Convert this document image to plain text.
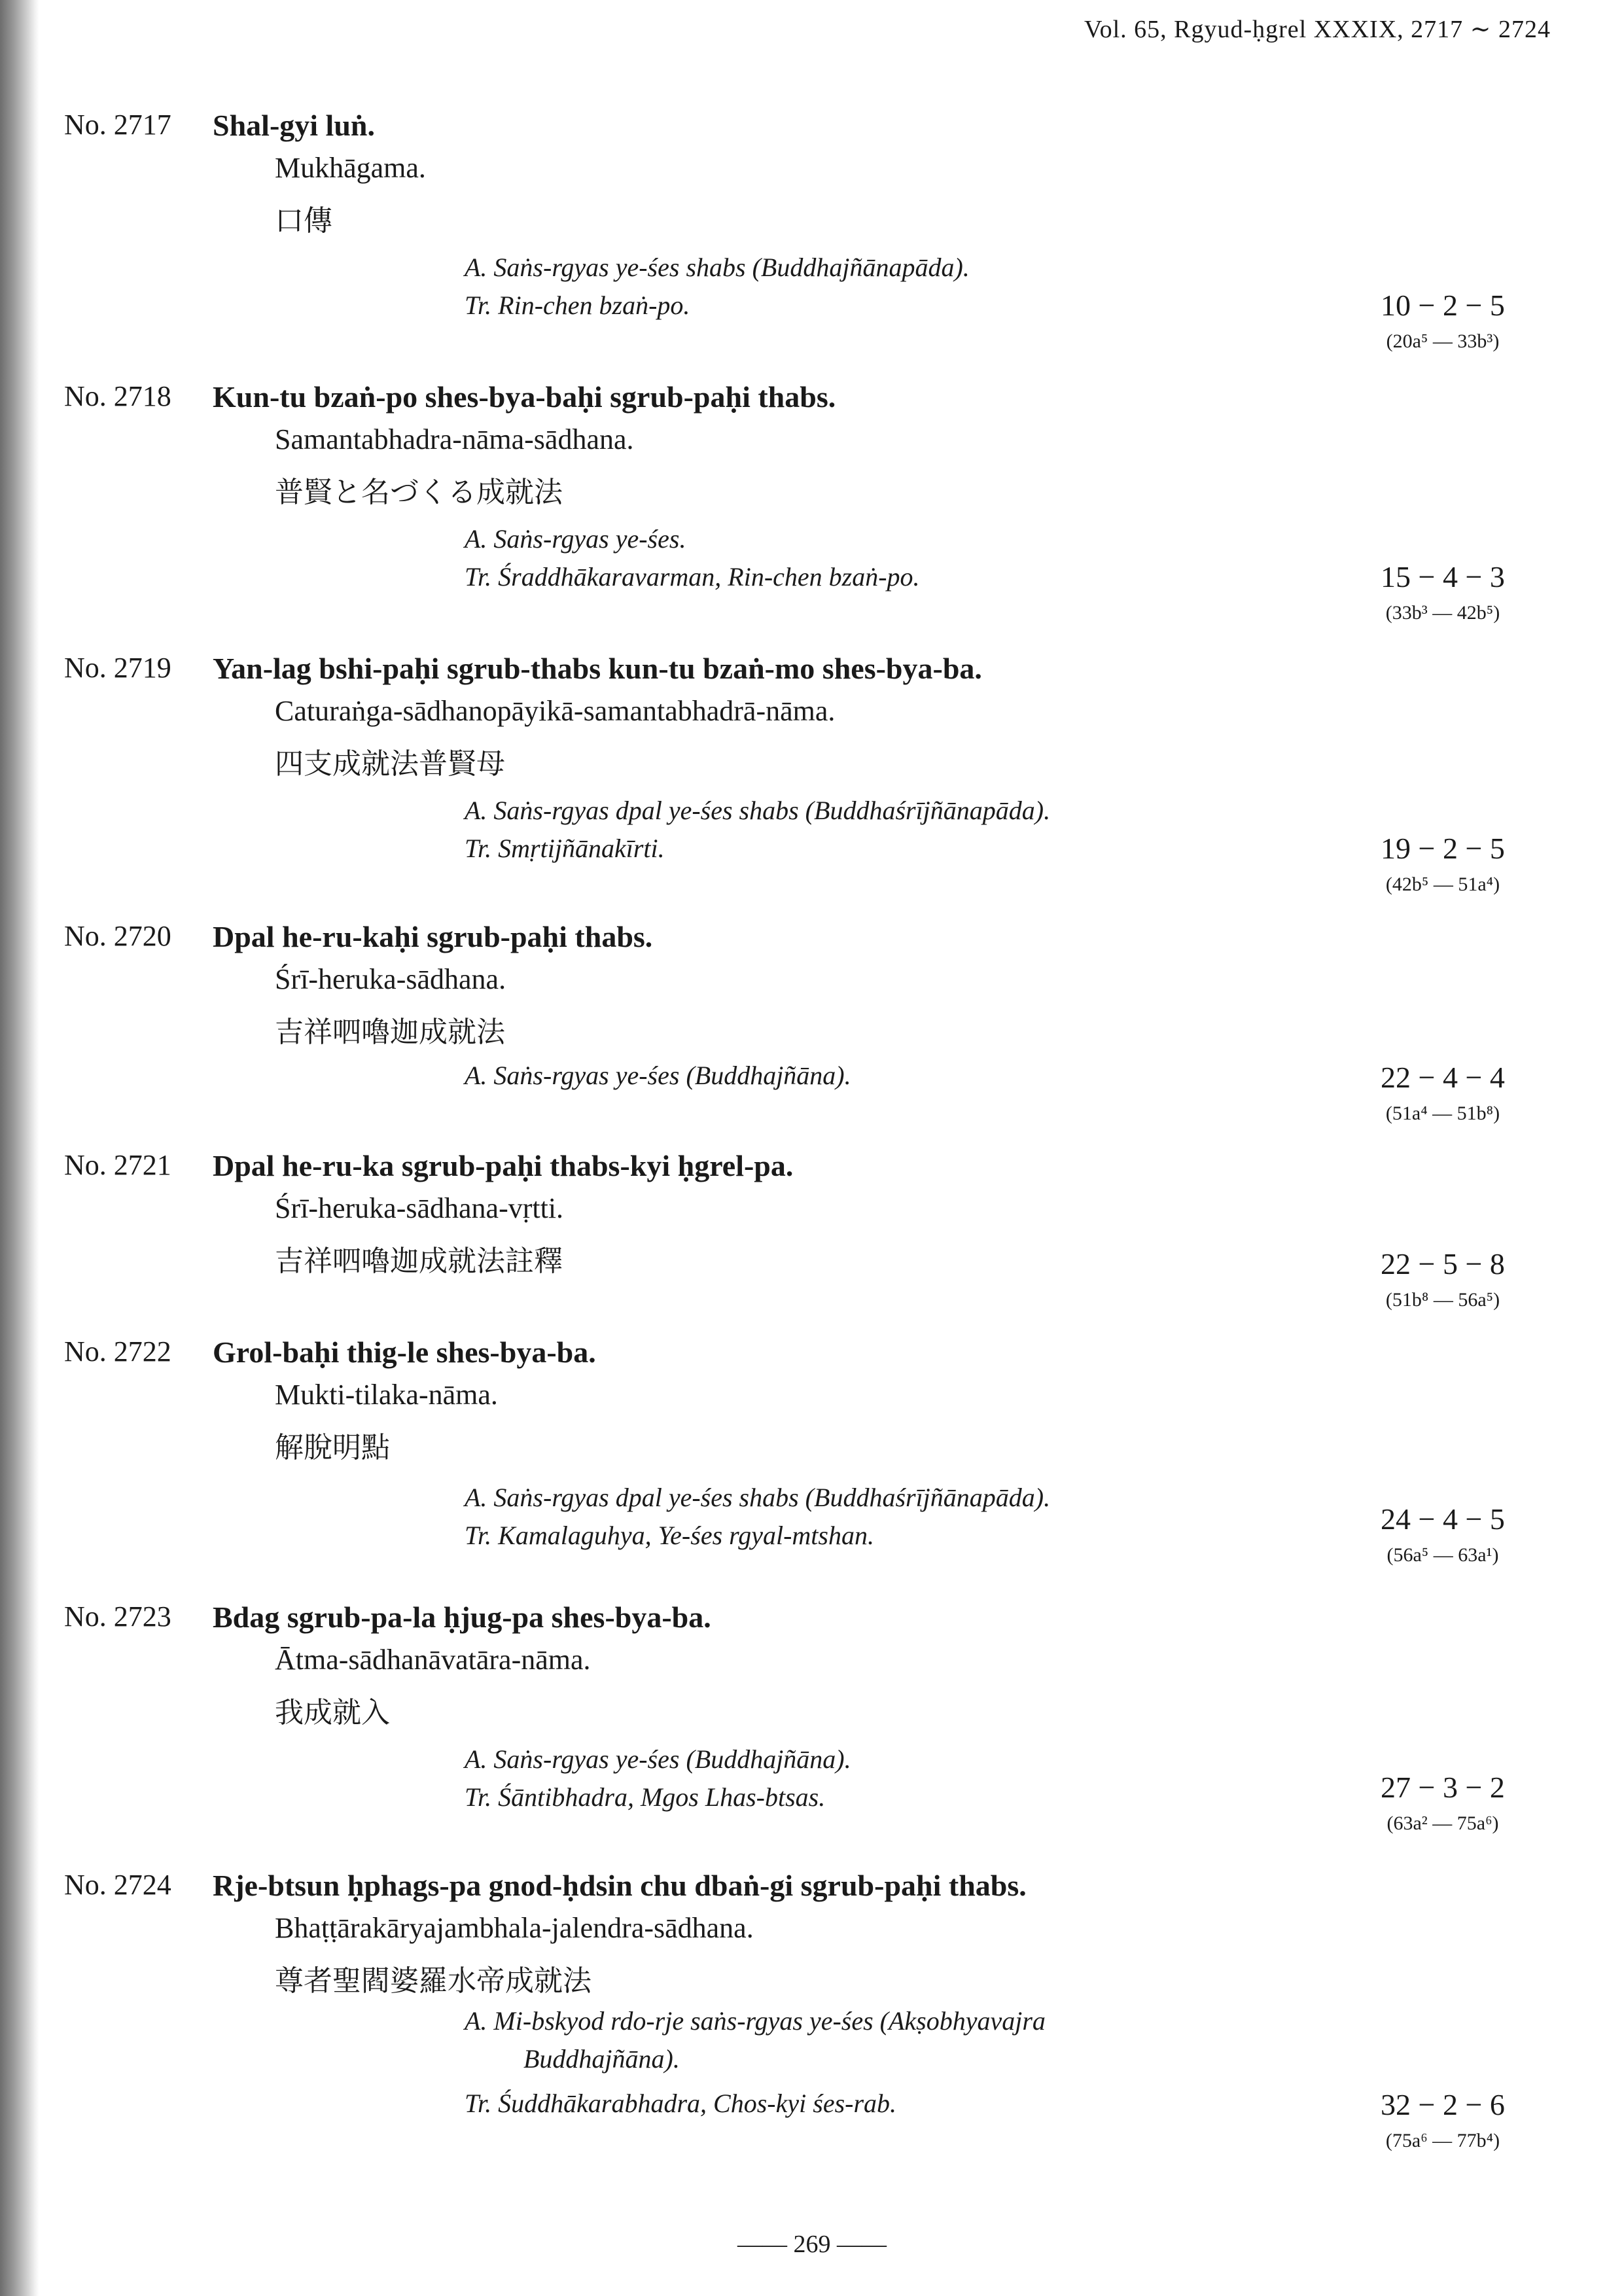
Vol. 65, Rgyud-ḥgrel XXXIX, 2717 ∼ 2724
No. 2717 Shal-gyi luṅ.
Mukhāgama.
口傳
A. Saṅs-rgyas ye-śes shabs (Buddhajñānapāda).
Tr. Rin-chen bzaṅ-po.	10 − 2 − 5
(20a⁵ — 33b³)
No. 2718 Kun-tu bzaṅ-po shes-bya-baḥi sgrub-paḥi thabs.
Samantabhadra-nāma-sādhana.
普賢と名づくる成就法
A. Saṅs-rgyas ye-śes.
Tr. Śraddhākaravarman, Rin-chen bzaṅ-po.	15 − 4 − 3
(33b³ — 42b⁵)
No. 2719 Yan-lag bshi-paḥi sgrub-thabs kun-tu bzaṅ-mo shes-bya-ba.
Caturaṅga-sādhanopāyikā-samantabhadrā-nāma.
四支成就法普賢母
A. Saṅs-rgyas dpal ye-śes shabs (Buddhaśrījñānapāda).
Tr. Smṛtijñānakīrti.	19 − 2 − 5
(42b⁵ — 51a⁴)
No. 2720 Dpal he-ru-kaḥi sgrub-paḥi thabs.
Śrī-heruka-sādhana.
吉祥呬嚕迦成就法
A. Saṅs-rgyas ye-śes (Buddhajñāna).	22 − 4 − 4
(51a⁴ — 51b⁸)
No. 2721 Dpal he-ru-ka sgrub-paḥi thabs-kyi ḥgrel-pa.
Śrī-heruka-sādhana-vṛtti.
吉祥呬嚕迦成就法註釋	22 − 5 − 8
(51b⁸ — 56a⁵)
No. 2722 Grol-baḥi thig-le shes-bya-ba.
Mukti-tilaka-nāma.
解脫明點
A. Saṅs-rgyas dpal ye-śes shabs (Buddhaśrījñānapāda).
Tr. Kamalaguhya, Ye-śes rgyal-mtshan.	24 − 4 − 5
(56a⁵ — 63a¹)
No. 2723 Bdag sgrub-pa-la ḥjug-pa shes-bya-ba.
Ātma-sādhanāvatāra-nāma.
我成就入
A. Saṅs-rgyas ye-śes (Buddhajñāna).
Tr. Śāntibhadra, Mgos Lhas-btsas.	27 − 3 − 2
(63a² — 75a⁶)
No. 2724 Rje-btsun ḥphags-pa gnod-ḥdsin chu dbaṅ-gi sgrub-paḥi thabs.
Bhaṭṭārakāryajambhala-jalendra-sādhana.
尊者聖閻婆羅水帝成就法
A. Mi-bskyod rdo-rje saṅs-rgyas ye-śes (Akṣobhyavajra
Buddhajñāna).
Tr. Śuddhākarabhadra, Chos-kyi śes-rab.	32 − 2 − 6
(75a⁶ — 77b⁴)
—— 269 ——
